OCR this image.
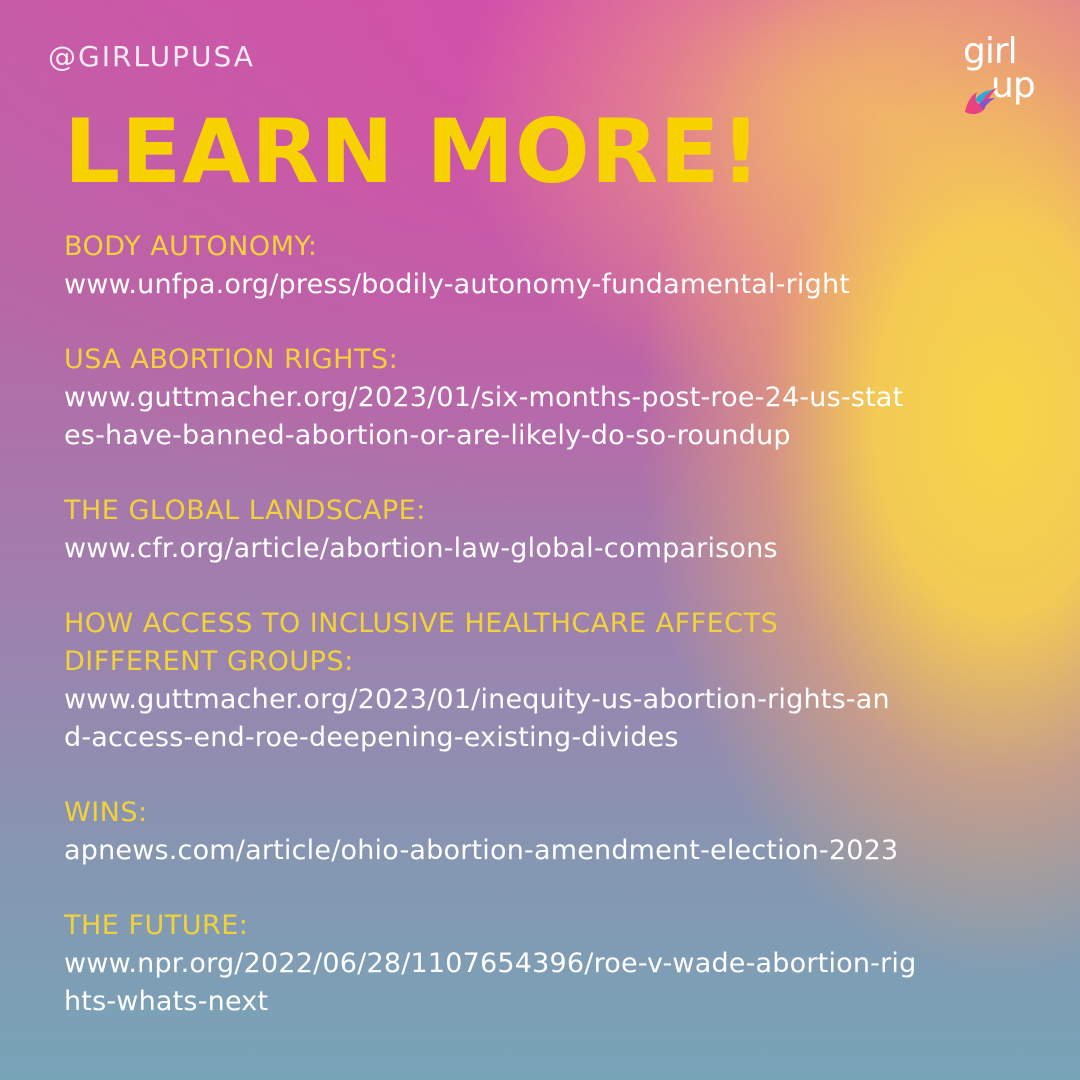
@GIRLUPUSA	girl
up
LEARN MORE!
BODY AUTONOMY:
www.unfpa.org/press/bodily-autonomy-fundamental-right
USA ABORTION RIGHTS:
www.guttmacher.org/2023/01/six-months-post-roe-24-us-stat
es-have-banned-abortion-or-are-likely-do-so-roundup
THE GLOBAL LANDSCAPE:
www.cfr.org/article/abortion-law-global-comparisons
HOW ACCESS TO INCLUSIVE HEALTHCARE AFFECTS
DIFFERENT GROUPS:
www.guttmacher.org/2023/01/inequity-us-abortion-rights-an
d-access-end-roe-deepening-existing-divides
WINS:
apnews.com/article/ohio-abortion-amendment-election-2023
THE FUTURE:
www.npr.org/2022/06/28/1107654396/roe-v-wade-abortion-rig
hts-whats-next
